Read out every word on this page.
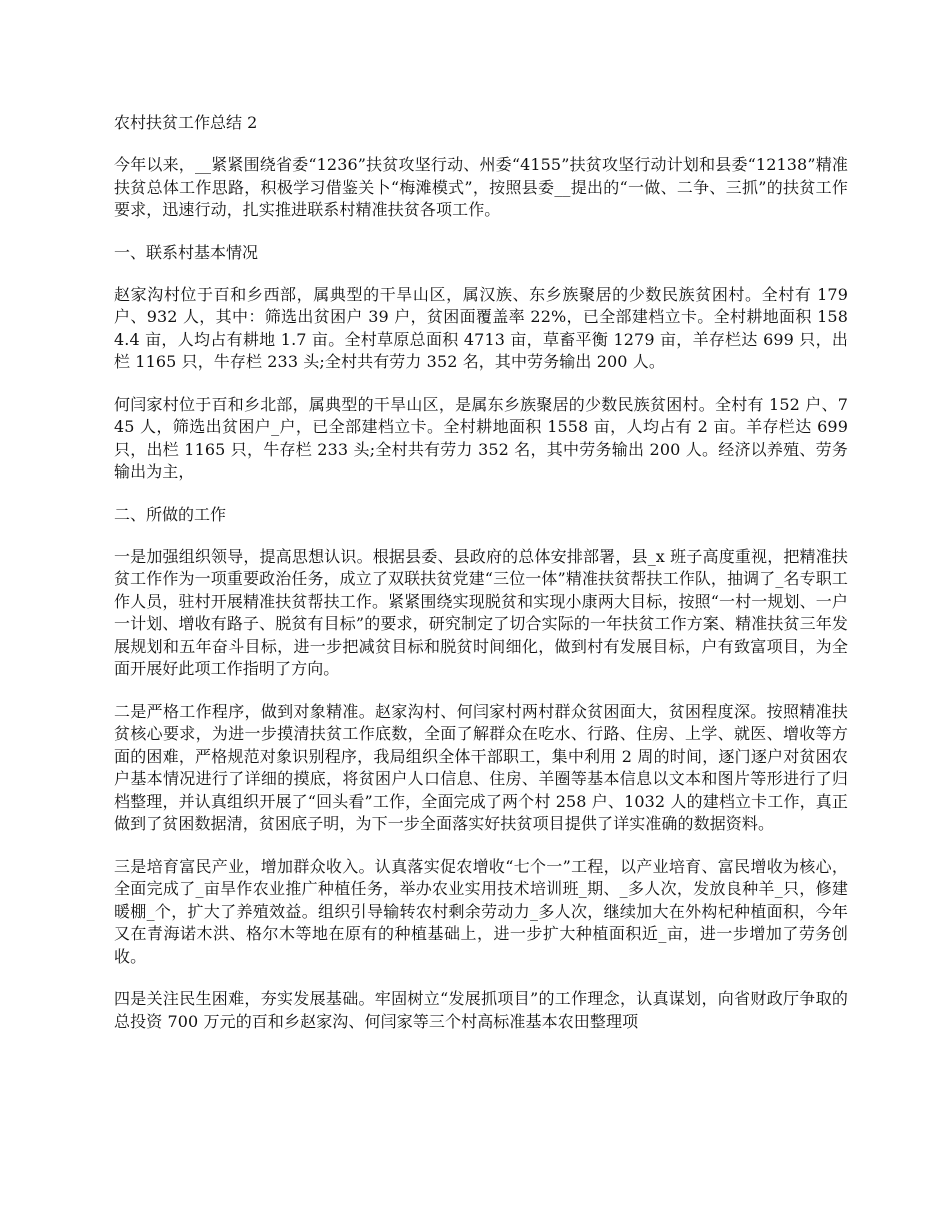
农村扶贫工作总结 2

今年以来，__紧紧围绕省委“1236”扶贫攻坚行动、州委“4155”扶贫攻坚行动计划和县委“12138”精准扶贫总体工作思路，积极学习借鉴关卜“梅滩模式”，按照县委__提出的“一做、二争、三抓”的扶贫工作要求，迅速行动，扎实推进联系村精准扶贫各项工作。

一、联系村基本情况

赵家沟村位于百和乡西部，属典型的干旱山区，属汉族、东乡族聚居的少数民族贫困村。全村有 179 户、932 人，其中：筛选出贫困户 39 户，贫困面覆盖率 22%，已全部建档立卡。全村耕地面积 1584.4 亩，人均占有耕地 1.7 亩。全村草原总面积 4713 亩，草畜平衡 1279 亩，羊存栏达 699 只，出栏 1165 只，牛存栏 233 头;全村共有劳力 352 名，其中劳务输出 200 人。

何闫家村位于百和乡北部，属典型的干旱山区，是属东乡族聚居的少数民族贫困村。全村有 152 户、745 人，筛选出贫困户_户，已全部建档立卡。全村耕地面积 1558 亩，人均占有 2 亩。羊存栏达 699 只，出栏 1165 只，牛存栏 233 头;全村共有劳力 352 名，其中劳务输出 200 人。经济以养殖、劳务输出为主，

二、所做的工作

一是加强组织领导，提高思想认识。根据县委、县政府的总体安排部署，县_x 班子高度重视，把精准扶贫工作作为一项重要政治任务，成立了双联扶贫党建“三位一体”精准扶贫帮扶工作队，抽调了_名专职工作人员，驻村开展精准扶贫帮扶工作。紧紧围绕实现脱贫和实现小康两大目标，按照“一村一规划、一户一计划、增收有路子、脱贫有目标”的要求，研究制定了切合实际的一年扶贫工作方案、精准扶贫三年发展规划和五年奋斗目标，进一步把减贫目标和脱贫时间细化，做到村有发展目标，户有致富项目，为全面开展好此项工作指明了方向。

二是严格工作程序，做到对象精准。赵家沟村、何闫家村两村群众贫困面大，贫困程度深。按照精准扶贫核心要求，为进一步摸清扶贫工作底数，全面了解群众在吃水、行路、住房、上学、就医、增收等方面的困难，严格规范对象识别程序，我局组织全体干部职工，集中利用 2 周的时间，逐门逐户对贫困农户基本情况进行了详细的摸底，将贫困户人口信息、住房、羊圈等基本信息以文本和图片等形进行了归档整理，并认真组织开展了“回头看”工作，全面完成了两个村 258 户、1032 人的建档立卡工作，真正做到了贫困数据清，贫困底子明，为下一步全面落实好扶贫项目提供了详实准确的数据资料。

三是培育富民产业，增加群众收入。认真落实促农增收“七个一”工程，以产业培育、富民增收为核心，全面完成了_亩旱作农业推广种植任务，举办农业实用技术培训班_期、_多人次，发放良种羊_只，修建暖棚_个，扩大了养殖效益。组织引导输转农村剩余劳动力_多人次，继续加大在外构杞种植面积，今年又在青海诺木洪、格尔木等地在原有的种植基础上，进一步扩大种植面积近_亩，进一步增加了劳务创收。

四是关注民生困难，夯实发展基础。牢固树立“发展抓项目”的工作理念，认真谋划，向省财政厅争取的总投资 700 万元的百和乡赵家沟、何闫家等三个村高标准基本农田整理项
